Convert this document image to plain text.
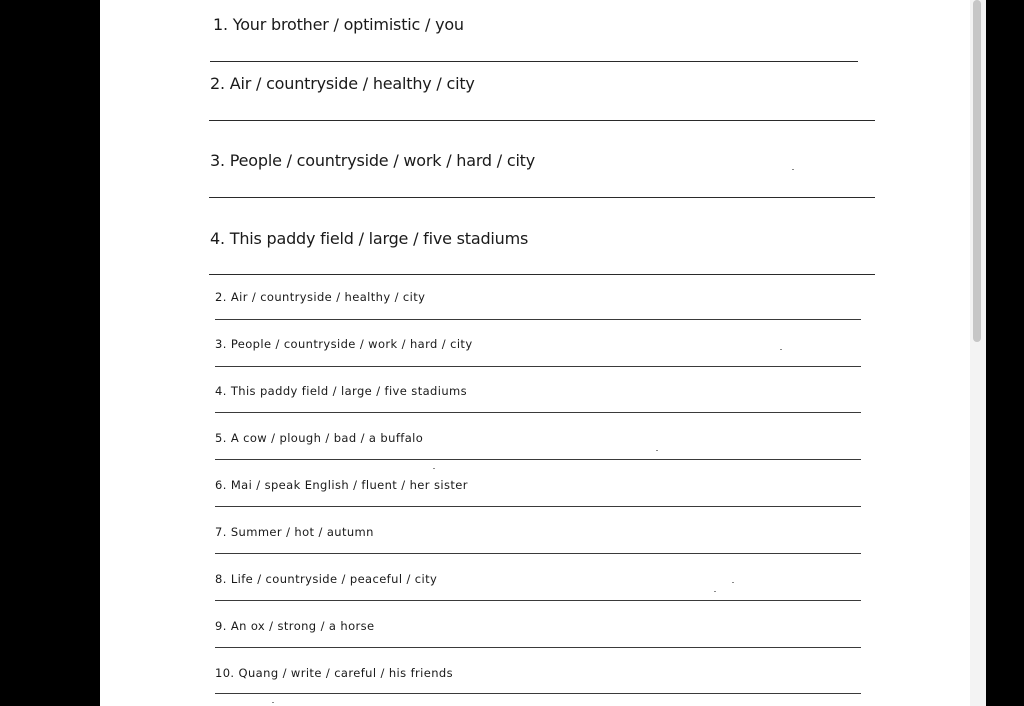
1. Your brother / optimistic / you
2. Air / countryside / healthy / city
3. People / countryside / work / hard / city
4. This paddy field / large / five stadiums
2. Air / countryside / healthy / city
3. People / countryside / work / hard / city
4. This paddy field / large / five stadiums
5. A cow / plough / bad / a buffalo
6. Mai / speak English / fluent / her sister
7. Summer / hot / autumn
8. Life / countryside / peaceful / city
9. An ox / strong / a horse
10. Quang / write / careful / his friends
